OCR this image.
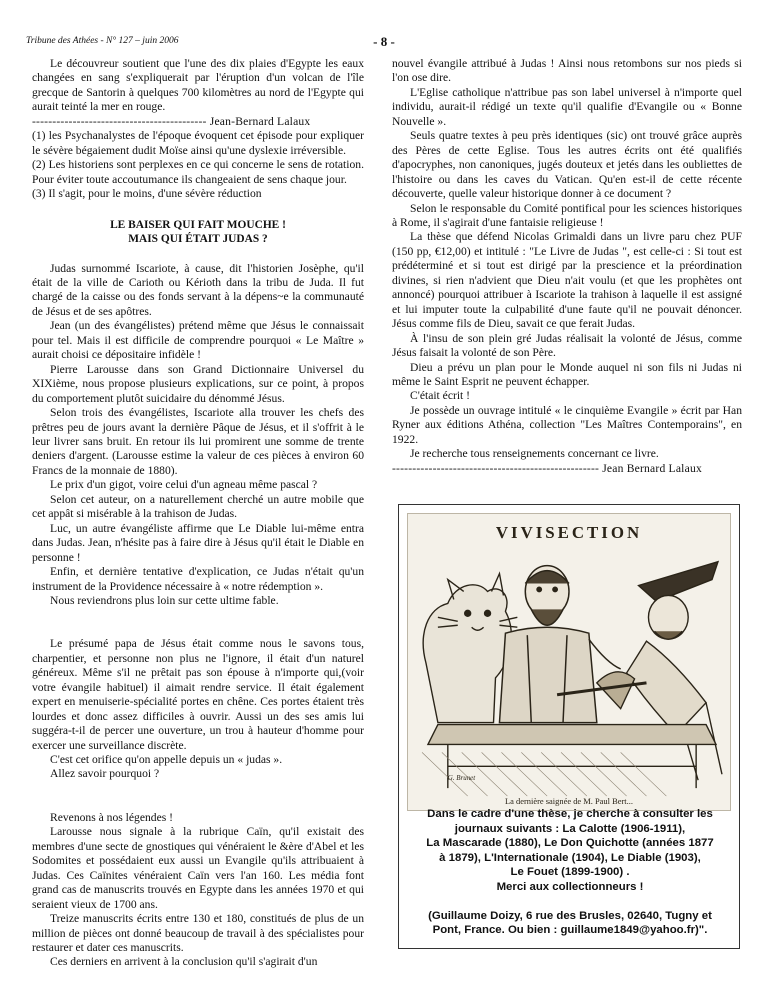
Tribune des Athées - N° 127 – juin 2006	- 8 -

Le découvreur soutient que l'une des dix plaies d'Egypte les eaux changées en sang s'expliquerait par l'éruption d'un volcan de l'île grecque de Santorin à quelques 700 kilomètres au nord de l'Egypte qui aurait teinté la mer en rouge.

------------------------------------------- Jean-Bernard Lalaux

(1) les Psychanalystes de l'époque évoquent cet épisode pour expliquer le sévère bégaiement dudit Moïse ainsi qu'une dyslexie irréversible.

(2) Les historiens sont perplexes en ce qui concerne le sens de rotation. Pour éviter toute accoutumance ils changeaient de sens chaque jour.

(3) Il s'agit, pour le moins, d'une sévère réduction

LE BAISER QUI FAIT MOUCHE !
MAIS QUI ÉTAIT JUDAS ?

Judas surnommé Iscariote, à cause, dit l'historien Josèphe, qu'il était de la ville de Carioth ou Kérioth dans la tribu de Juda. Il fut chargé de la caisse ou des fonds servant à la dépens~e la communauté de Jésus et de ses apôtres.

Jean (un des évangélistes) prétend même que Jésus le connaissait pour tel. Mais il est difficile de comprendre pourquoi « Le Maître » aurait choisi ce dépositaire infidèle !

Pierre Larousse dans son Grand Dictionnaire Universel du XIXième, nous propose plusieurs explications, sur ce point, à propos du comportement plutôt suicidaire du dénommé Jésus.

Selon trois des évangélistes, Iscariote alla trouver les chefs des prêtres peu de jours avant la dernière Pâque de Jésus, et il s'offrit à le leur livrer sans bruit. En retour ils lui promirent une somme de trente deniers d'argent. (Larousse estime la valeur de ces pièces à environ 60 Francs de la monnaie de 1880).

Le prix d'un gigot, voire celui d'un agneau même pascal ?

Selon cet auteur, on a naturellement cherché un autre mobile que cet appât si misérable à la trahison de Judas.

Luc, un autre évangéliste affirme que Le Diable lui-même entra dans Judas. Jean, n'hésite pas à faire dire à Jésus qu'il était le Diable en personne !

Enfin, et dernière tentative d'explication, ce Judas n'était qu'un instrument de la Providence nécessaire à « notre rédemption ».

Nous reviendrons plus loin sur cette ultime fable.

Le présumé papa de Jésus était comme nous le savons tous, charpentier, et personne non plus ne l'ignore, il était d'un naturel généreux. Même s'il ne prêtait pas son épouse à n'importe qui,(voir votre évangile habituel) il aimait rendre service. Il était également expert en menuiserie-spécialité portes en chêne. Ces portes étaient très lourdes et donc assez difficiles à ouvrir. Aussi un des ses amis lui suggéra-t-il de percer une ouverture, un trou à hauteur d'homme pour exercer une surveillance discrète.

C'est cet orifice qu'on appelle depuis un « judas ».

Allez savoir pourquoi ?

Revenons à nos légendes !

Larousse nous signale à la rubrique Caïn, qu'il existait des membres d'une secte de gnostiques qui vénéraient le &ère d'Abel et les Sodomites et possédaient eux aussi un Evangile qu'ils attribuaient à Judas. Ces Caïnites vénéraient Caïn vers l'an 160. Les média font grand cas de manuscrits trouvés en Egypte dans les années 1970 et qui seraient vieux de 1700 ans.

Treize manuscrits écrits entre 130 et 180, constitués de plus de un million de pièces ont donné beaucoup de travail à des spécialistes pour restaurer et dater ces manuscrits.

Ces derniers en arrivent à la conclusion qu'il s'agirait d'un

nouvel évangile attribué à Judas ! Ainsi nous retombons sur nos pieds si l'on ose dire.

L'Eglise catholique n'attribue pas son label universel à n'importe quel individu, aurait-il rédigé un texte qu'il qualifie d'Evangile ou « Bonne Nouvelle ».

Seuls quatre textes à peu près identiques (sic) ont trouvé grâce auprès des Pères de cette Eglise. Tous les autres écrits ont été qualifiés d'apocryphes, non canoniques, jugés douteux et jetés dans les oubliettes de l'histoire ou dans les caves du Vatican. Qu'en est-il de cette récente découverte, quelle valeur historique donner à ce document ?

Selon le responsable du Comité pontifical pour les sciences historiques à Rome, il s'agirait d'une fantaisie religieuse !

La thèse que défend Nicolas Grimaldi dans un livre paru chez PUF (150 pp, €12,00) et intitulé : "Le Livre de Judas ", est celle-ci : Si tout est prédéterminé et si tout est dirigé par la prescience et la préordination divines, si rien n'advient que Dieu n'ait voulu (et que les prophètes ont annoncé) pourquoi attribuer à Iscariote la trahison à laquelle il est assigné et lui imputer toute la culpabilité d'une faute qu'il ne pouvait dénoncer. Jésus comme fils de Dieu, savait ce que ferait Judas.

À l'insu de son plein gré Judas réalisait la volonté de Jésus, comme Jésus faisait la volonté de son Père.

Dieu a prévu un plan pour le Monde auquel ni son fils ni Judas ni même le Saint Esprit ne peuvent échapper.

C'était écrit !

Je possède un ouvrage intitulé « le cinquième Evangile » écrit par Han Ryner aux éditions Athéna, collection "Les Maîtres Contemporains", en 1922.

Je recherche tous renseignements concernant ce livre.

--------------------------------------------------- Jean Bernard Lalaux

VIVISECTION
G. Brunet
La dernière saignée de M. Paul Bert...

Dans le cadre d'une thèse, je cherche à consulter les

journaux suivants : La Calotte (1906-1911),

La Mascarade (1880), Le Don Quichotte (années 1877

à 1879), L'Internationale (1904), Le Diable (1903),

Le Fouet (1899-1900) .

Merci aux collectionneurs !

(Guillaume Doizy, 6 rue des Brusles, 02640, Tugny et

Pont, France. Ou bien : guillaume1849@yahoo.fr)".
